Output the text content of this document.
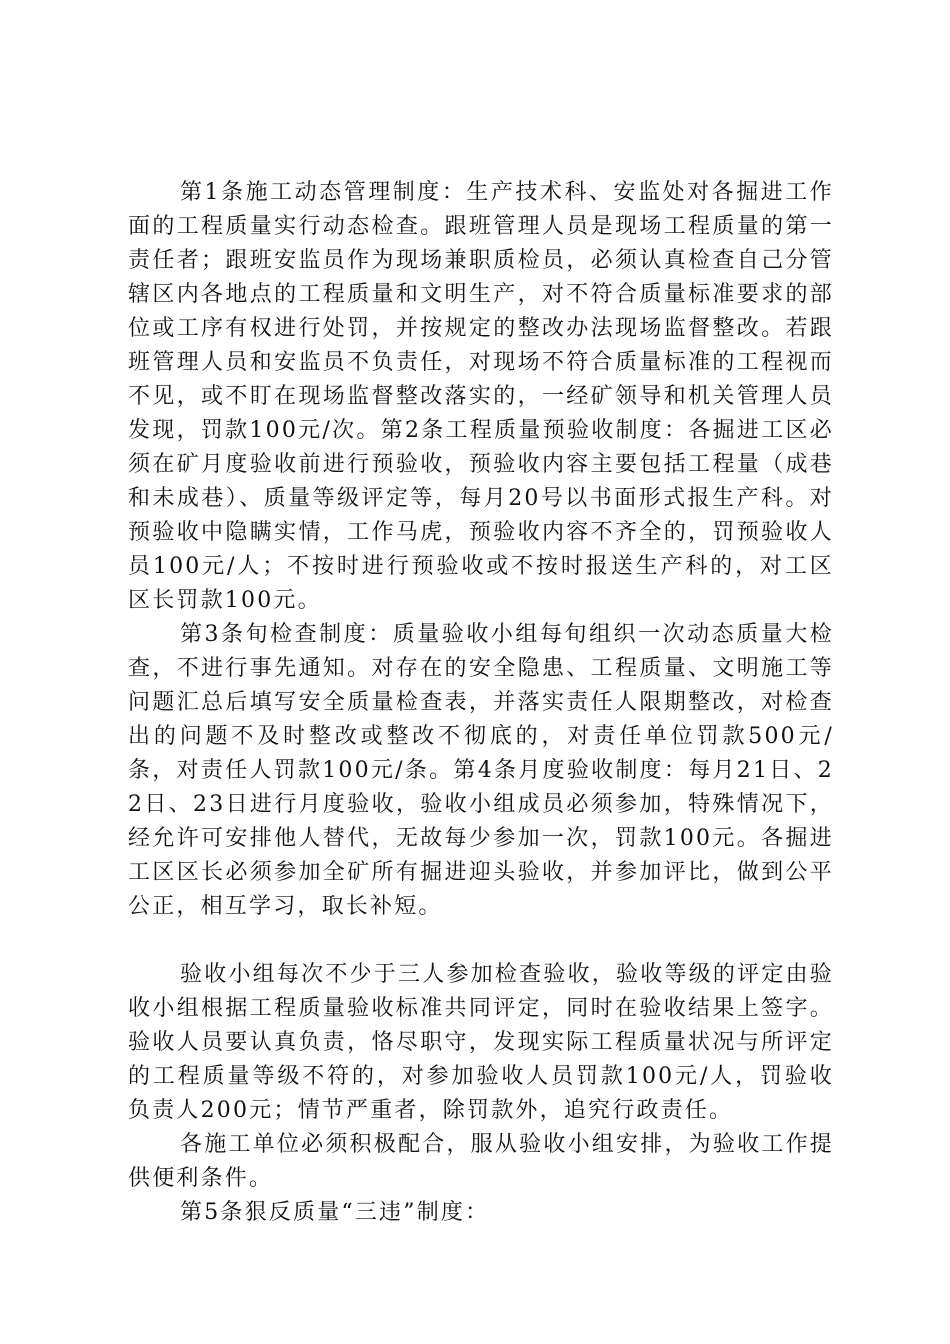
第1条施工动态管理制度：生产技术科、安监处对各掘进工作面的工程质量实行动态检查。跟班管理人员是现场工程质量的第一责任者；跟班安监员作为现场兼职质检员，必须认真检查自己分管辖区内各地点的工程质量和文明生产，对不符合质量标准要求的部位或工序有权进行处罚，并按规定的整改办法现场监督整改。若跟班管理人员和安监员不负责任，对现场不符合质量标准的工程视而不见，或不盯在现场监督整改落实的，一经矿领导和机关管理人员发现，罚款100元/次。第2条工程质量预验收制度：各掘进工区必须在矿月度验收前进行预验收，预验收内容主要包括工程量（成巷和未成巷）、质量等级评定等，每月20号以书面形式报生产科。对预验收中隐瞒实情，工作马虎，预验收内容不齐全的，罚预验收人员100元/人；不按时进行预验收或不按时报送生产科的，对工区区长罚款100元。

第3条旬检查制度：质量验收小组每旬组织一次动态质量大检查，不进行事先通知。对存在的安全隐患、工程质量、文明施工等问题汇总后填写安全质量检查表，并落实责任人限期整改，对检查出的问题不及时整改或整改不彻底的，对责任单位罚款500元/条，对责任人罚款100元/条。第4条月度验收制度：每月21日、22日、23日进行月度验收，验收小组成员必须参加，特殊情况下，经允许可安排他人替代，无故每少参加一次，罚款100元。各掘进工区区长必须参加全矿所有掘进迎头验收，并参加评比，做到公平公正，相互学习，取长补短。

验收小组每次不少于三人参加检查验收，验收等级的评定由验收小组根据工程质量验收标准共同评定，同时在验收结果上签字。验收人员要认真负责，恪尽职守，发现实际工程质量状况与所评定的工程质量等级不符的，对参加验收人员罚款100元/人，罚验收负责人200元；情节严重者，除罚款外，追究行政责任。

各施工单位必须积极配合，服从验收小组安排，为验收工作提供便利条件。

第5条狠反质量“三违”制度：
